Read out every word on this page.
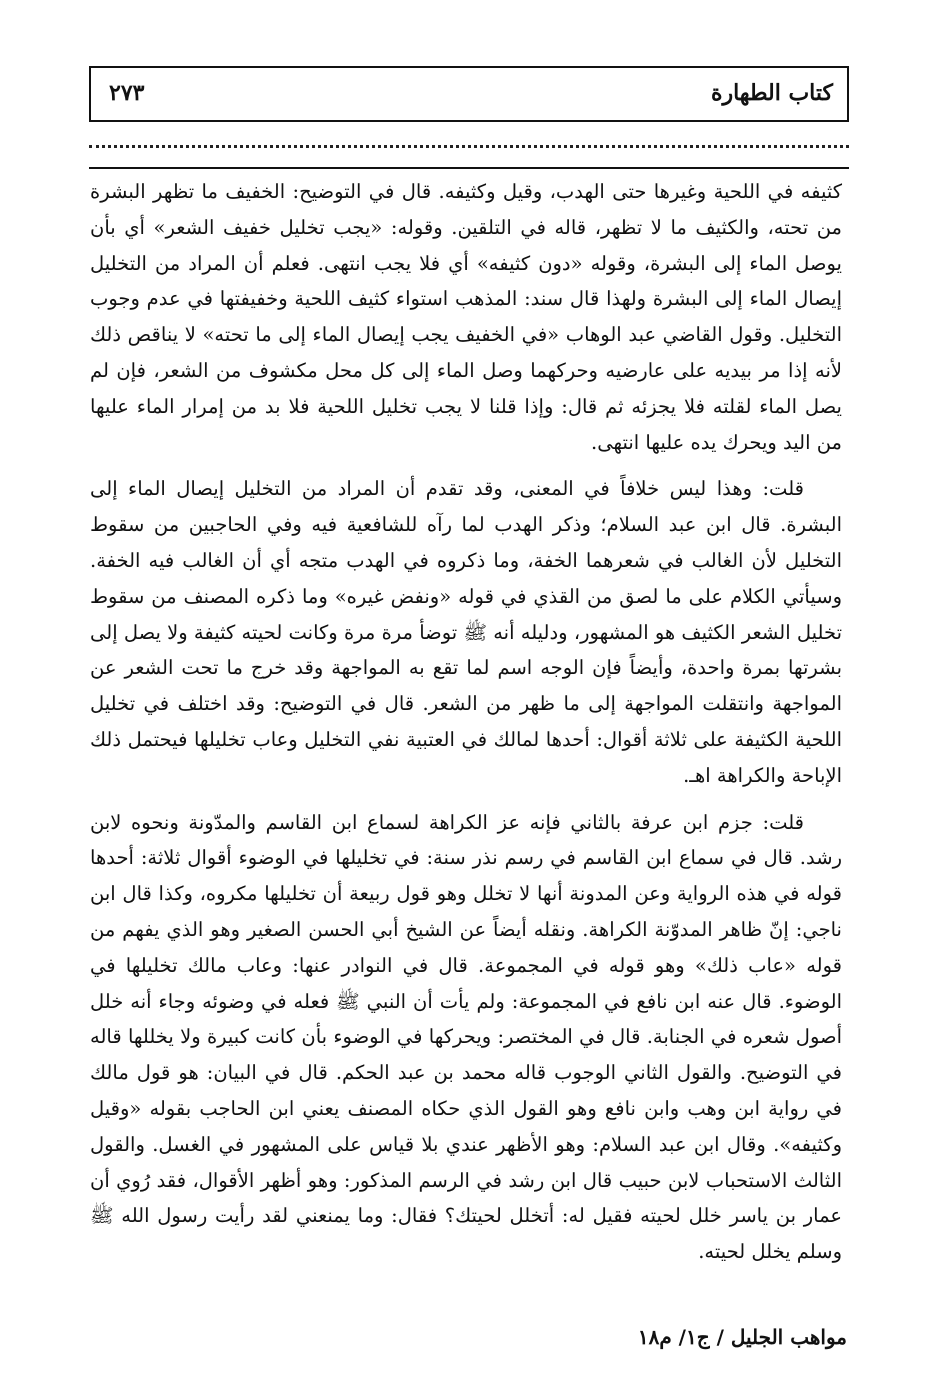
كتاب الطهارة
٢٧٣

كثيفه في اللحية وغيرها حتى الهدب، وقيل وكثيفه. قال في التوضيح: الخفيف ما تظهر البشرة من تحته، والكثيف ما لا تظهر، قاله في التلقين. وقوله: «يجب تخليل خفيف الشعر» أي بأن يوصل الماء إلى البشرة، وقوله «دون كثيفه» أي فلا يجب انتهى. فعلم أن المراد من التخليل إيصال الماء إلى البشرة ولهذا قال سند: المذهب استواء كثيف اللحية وخفيفتها في عدم وجوب التخليل. وقول القاضي عبد الوهاب «في الخفيف يجب إيصال الماء إلى ما تحته» لا يناقص ذلك لأنه إذا مر بيديه على عارضيه وحركهما وصل الماء إلى كل محل مكشوف من الشعر، فإن لم يصل الماء لقلته فلا يجزئه ثم قال: وإذا قلنا لا يجب تخليل اللحية فلا بد من إمرار الماء عليها من اليد ويحرك يده عليها انتهى.

قلت: وهذا ليس خلافاً في المعنى، وقد تقدم أن المراد من التخليل إيصال الماء إلى البشرة. قال ابن عبد السلام؛ وذكر الهدب لما رآه للشافعية فيه وفي الحاجبين من سقوط التخليل لأن الغالب في شعرهما الخفة، وما ذكروه في الهدب متجه أي أن الغالب فيه الخفة. وسيأتي الكلام على ما لصق من القذي في قوله «ونفض غيره» وما ذكره المصنف من سقوط تخليل الشعر الكثيف هو المشهور، ودليله أنه ﷺ توضأ مرة مرة وكانت لحيته كثيفة ولا يصل إلى بشرتها بمرة واحدة، وأيضاً فإن الوجه اسم لما تقع به المواجهة وقد خرج ما تحت الشعر عن المواجهة وانتقلت المواجهة إلى ما ظهر من الشعر. قال في التوضيح: وقد اختلف في تخليل اللحية الكثيفة على ثلاثة أقوال: أحدها لمالك في العتبية نفي التخليل وعاب تخليلها فيحتمل ذلك الإباحة والكراهة اهـ.

قلت: جزم ابن عرفة بالثاني فإنه عز الكراهة لسماع ابن القاسم والمدّونة ونحوه لابن رشد. قال في سماع ابن القاسم في رسم نذر سنة: في تخليلها في الوضوء أقوال ثلاثة: أحدها قوله في هذه الرواية وعن المدونة أنها لا تخلل وهو قول ربيعة أن تخليلها مكروه، وكذا قال ابن ناجي: إنّ ظاهر المدوّنة الكراهة. ونقله أيضاً عن الشيخ أبي الحسن الصغير وهو الذي يفهم من قوله «عاب ذلك» وهو قوله في المجموعة. قال في النوادر عنها: وعاب مالك تخليلها في الوضوء. قال عنه ابن نافع في المجموعة: ولم يأت أن النبي ﷺ فعله في وضوئه وجاء أنه خلل أصول شعره في الجنابة. قال في المختصر: ويحركها في الوضوء بأن كانت كبيرة ولا يخللها قاله في التوضيح. والقول الثاني الوجوب قاله محمد بن عبد الحكم. قال في البيان: هو قول مالك في رواية ابن وهب وابن نافع وهو القول الذي حكاه المصنف يعني ابن الحاجب بقوله «وقيل وكثيفه». وقال ابن عبد السلام: وهو الأظهر عندي بلا قياس على المشهور في الغسل. والقول الثالث الاستحباب لابن حبيب قال ابن رشد في الرسم المذكور: وهو أظهر الأقوال، فقد رُوي أن عمار بن ياسر خلل لحيته فقيل له: أتخلل لحيتك؟ فقال: وما يمنعني لقد رأيت رسول الله ﷺ وسلم يخلل لحيته.

مواهب الجليل / ج١/ م١٨
